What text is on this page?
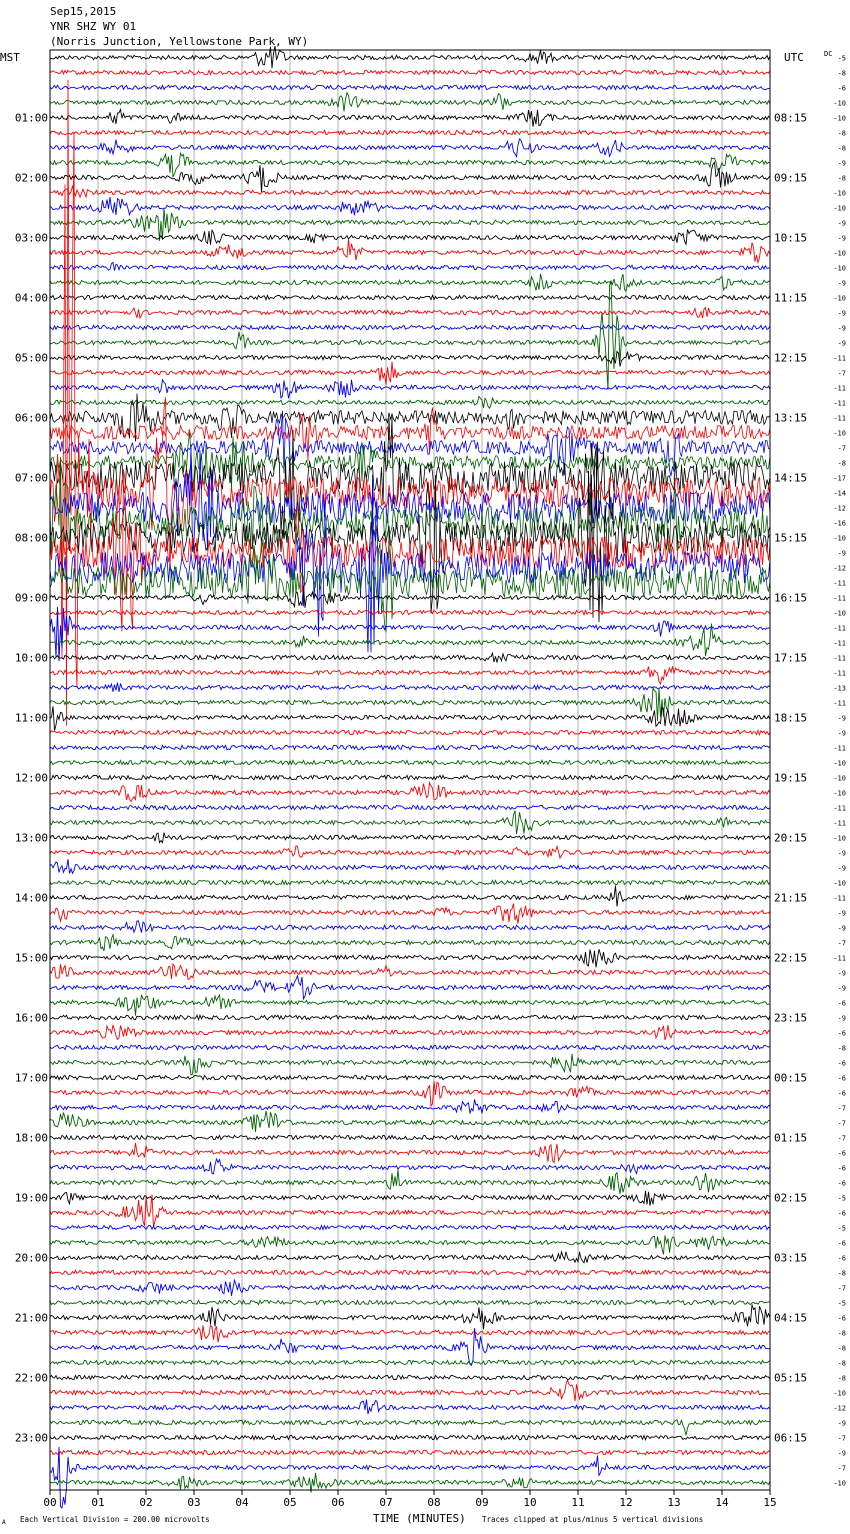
Sep15,2015
YNR SHZ WY 01
(Norris Junction, Yellowstone Park, WY)
00	01	02	03	04	05	06	07	08	09	10	11	12	13	14	15
-5
-8
-6
-10
-10
-8
-8
-9
-8
-10
-10
-9
-9
-10
-10
-9
-10
-9
-9
-9
-11
-7
-11
-11
-11
-10
-7
-8
-17
-14
-12
-16
-10
-9
-12
-11
-11
-10
-11
-11
-11
-11
-13
-11
-9
-9
-11
-10
-10
-10
-11
-11
-10
-9
-9
-10
-11
-9
-9
-7
-11
-9
-9
-6
-9
-6
-8
-6
-6
-6
-7
-7
-7
-6
-6
-6
-5
-6
-5
-6
-6
-8
-7
-5
-6
-8
-8
-8
-8
-10
-12
-9
-7
-9
-7
-10
01:00
02:00
03:00
04:00
05:00
06:00
07:00
08:00
09:00
10:00
11:00
12:00
13:00
14:00
15:00
16:00
17:00
18:00
19:00
20:00
21:00
22:00
23:00
08:15
09:15
10:15
11:15
12:15
13:15
14:15
15:15
16:15
17:15
18:15
19:15
20:15
21:15
22:15
23:15
00:15
01:15
02:15
03:15
04:15
05:15
06:15
MST	UTC	DC
TIME (MINUTES)
A Each Vertical Division = 200.00 microvolts	Traces clipped at plus/minus 5 vertical divisions
